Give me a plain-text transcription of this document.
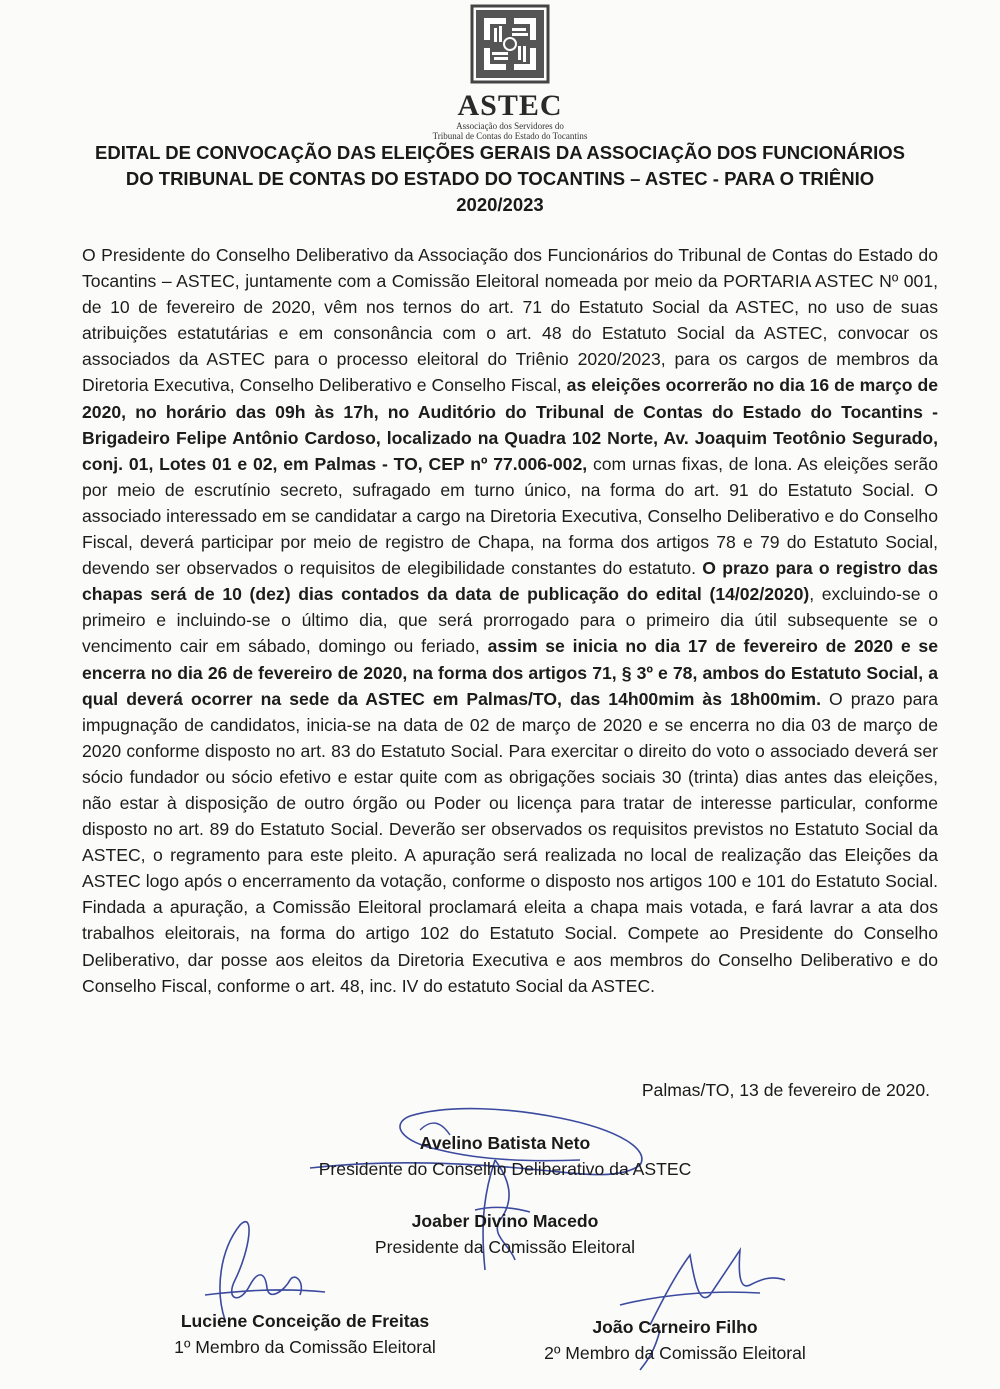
ASTEC
Associação dos Servidores do
Tribunal de Contas do Estado do Tocantins
EDITAL DE CONVOCAÇÃO DAS ELEIÇÕES GERAIS DA ASSOCIAÇÃO DOS FUNCIONÁRIOS
DO TRIBUNAL DE CONTAS DO ESTADO DO TOCANTINS – ASTEC - PARA O TRIÊNIO
2020/2023
O Presidente do Conselho Deliberativo da Associação dos Funcionários do Tribunal de Contas do Estado do Tocantins – ASTEC, juntamente com a Comissão Eleitoral nomeada por meio da PORTARIA ASTEC Nº 001, de 10 de fevereiro de 2020, vêm nos ternos do art. 71 do Estatuto Social da ASTEC, no uso de suas atribuições estatutárias e em consonância com o art. 48 do Estatuto Social da ASTEC, convocar os associados da ASTEC para o processo eleitoral do Triênio 2020/2023, para os cargos de membros da Diretoria Executiva, Conselho Deliberativo e Conselho Fiscal, as eleições ocorrerão no dia 16 de março de 2020, no horário das 09h às 17h, no Auditório do Tribunal de Contas do Estado do Tocantins - Brigadeiro Felipe Antônio Cardoso, localizado na Quadra 102 Norte, Av. Joaquim Teotônio Segurado, conj. 01, Lotes 01 e 02, em Palmas - TO, CEP nº 77.006-002, com urnas fixas, de lona. As eleições serão por meio de escrutínio secreto, sufragado em turno único, na forma do art. 91 do Estatuto Social. O associado interessado em se candidatar a cargo na Diretoria Executiva, Conselho Deliberativo e do Conselho Fiscal, deverá participar por meio de registro de Chapa, na forma dos artigos 78 e 79 do Estatuto Social, devendo ser observados o requisitos de elegibilidade constantes do estatuto. O prazo para o registro das chapas será de 10 (dez) dias contados da data de publicação do edital (14/02/2020), excluindo-se o primeiro e incluindo-se o último dia, que será prorrogado para o primeiro dia útil subsequente se o vencimento cair em sábado, domingo ou feriado, assim se inicia no dia 17 de fevereiro de 2020 e se encerra no dia 26 de fevereiro de 2020, na forma dos artigos 71, § 3º e 78, ambos do Estatuto Social, a qual deverá ocorrer na sede da ASTEC em Palmas/TO, das 14h00mim às 18h00mim. O prazo para impugnação de candidatos, inicia-se na data de 02 de março de 2020 e se encerra no dia 03 de março de 2020 conforme disposto no art. 83 do Estatuto Social. Para exercitar o direito do voto o associado deverá ser sócio fundador ou sócio efetivo e estar quite com as obrigações sociais 30 (trinta) dias antes das eleições, não estar à disposição de outro órgão ou Poder ou licença para tratar de interesse particular, conforme disposto no art. 89 do Estatuto Social. Deverão ser observados os requisitos previstos no Estatuto Social da ASTEC, o regramento para este pleito. A apuração será realizada no local de realização das Eleições da ASTEC logo após o encerramento da votação, conforme o disposto nos artigos 100 e 101 do Estatuto Social. Findada a apuração, a Comissão Eleitoral proclamará eleita a chapa mais votada, e fará lavrar a ata dos trabalhos eleitorais, na forma do artigo 102 do Estatuto Social. Compete ao Presidente do Conselho Deliberativo, dar posse aos eleitos da Diretoria Executiva e aos membros do Conselho Deliberativo e do Conselho Fiscal, conforme o art. 48, inc. IV do estatuto Social da ASTEC.
Palmas/TO, 13 de fevereiro de 2020.
Avelino Batista Neto
Presidente do Conselho Deliberativo da ASTEC
Joaber Divino Macedo
Presidente da Comissão Eleitoral
Luciene Conceição de Freitas
1º Membro da Comissão Eleitoral
João Carneiro Filho
2º Membro da Comissão Eleitoral
